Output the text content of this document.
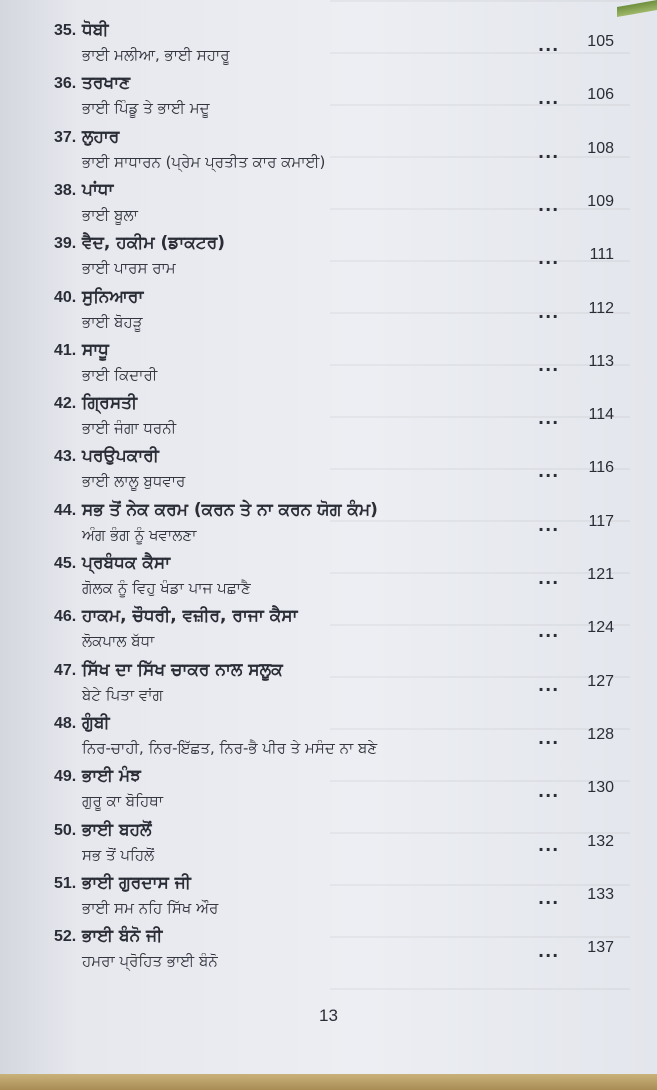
35. ਧੋਬੀ
ਭਾਈ ਮਲੀਆ, ਭਾਈ ਸਹਾਰੂ	...	105
36. ਤਰਖਾਣ
ਭਾਈ ਪਿੰਡੂ ਤੇ ਭਾਈ ਮਦੂ	...	106
37. ਲੁਹਾਰ
ਭਾਈ ਸਾਧਾਰਨ (ਪ੍ਰੇਮ ਪ੍ਰਤੀਤ ਕਾਰ ਕਮਾਈ)	...	108
38. ਪਾਂਧਾ
ਭਾਈ ਬੂਲਾ	...	109
39. ਵੈਦ, ਹਕੀਮ (ਡਾਕਟਰ)
ਭਾਈ ਪਾਰਸ ਰਾਮ	...	111
40. ਸੁਨਿਆਰਾ
ਭਾਈ ਬੋਹੜੂ	...	112
41. ਸਾਧੂ
ਭਾਈ ਕਿਦਾਰੀ	...	113
42. ਗ੍ਰਿਸਤੀ
ਭਾਈ ਜੰਗਾ ਧਰਨੀ	...	114
43. ਪਰਉਪਕਾਰੀ
ਭਾਈ ਲਾਲੂ ਬੁਧਵਾਰ	...	116
44. ਸਭ ਤੋਂ ਨੇਕ ਕਰਮ (ਕਰਨ ਤੇ ਨਾ ਕਰਨ ਯੋਗ ਕੰਮ)
ਅੰਗ ਭੰਗ ਨੂੰ ਖਵਾਲਣਾ	...	117
45. ਪ੍ਰਬੰਧਕ ਕੈਸਾ
ਗੋਲਕ ਨੂੰ ਵਿਹੁ ਖੰਡਾ ਪਾਜ ਪਛਾਣੈ	...	121
46. ਹਾਕਮ, ਚੌਧਰੀ, ਵਜ਼ੀਰ, ਰਾਜਾ ਕੈਸਾ
ਲੋਕਪਾਲ ਬੱਧਾ	...	124
47. ਸਿੱਖ ਦਾ ਸਿੱਖ ਚਾਕਰ ਨਾਲ ਸਲੂਕ
ਬੇਟੇ ਪਿਤਾ ਵਾਂਗ	...	127
48. ਗੁੰਬੀ
ਨਿਰ-ਚਾਹੀ, ਨਿਰ-ਇੱਛਤ, ਨਿਰ-ਭੈ ਪੀਰ ਤੇ ਮਸੰਦ ਨਾ ਬਣੇ	...	128
49. ਭਾਈ ਮੰਝ
ਗੁਰੂ ਕਾ ਬੋਹਿਥਾ	...	130
50. ਭਾਈ ਬਹਲੋਂ
ਸਭ ਤੋਂ ਪਹਿਲੋਂ	...	132
51. ਭਾਈ ਗੁਰਦਾਸ ਜੀ
ਭਾਈ ਸਮ ਨਹਿ ਸਿੱਖ ਔਰ	...	133
52. ਭਾਈ ਬੰਨੋ ਜੀ
ਹਮਰਾ ਪ੍ਰੋਹਿਤ ਭਾਈ ਬੰਨੋ	...	137
13
